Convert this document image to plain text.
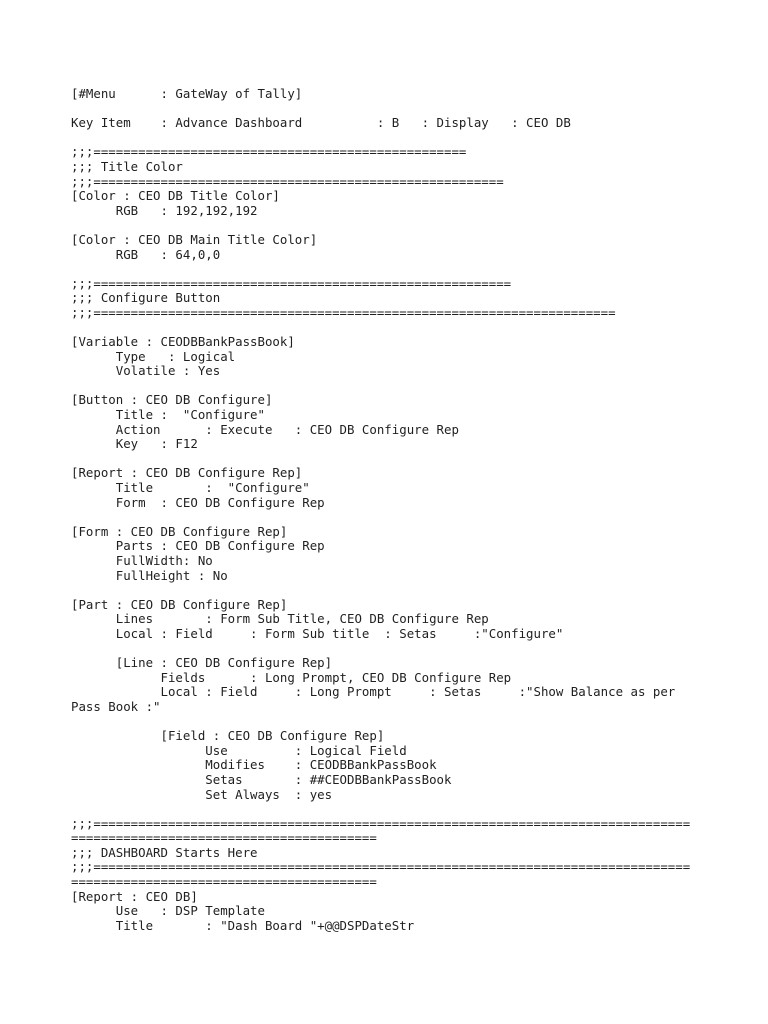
[#Menu      : GateWay of Tally]
Key Item    : Advance Dashboard          : B   : Display   : CEO DB
;;;==================================================
;;; Title Color
;;;=======================================================
[Color : CEO DB Title Color]
RGB   : 192,192,192
[Color : CEO DB Main Title Color]
RGB   : 64,0,0
;;;========================================================
;;; Configure Button
;;;======================================================================
[Variable : CEODBBankPassBook]
Type   : Logical
Volatile : Yes
[Button : CEO DB Configure]
Title :  "Configure"
Action      : Execute   : CEO DB Configure Rep
Key   : F12
[Report : CEO DB Configure Rep]
Title       :  "Configure"
Form  : CEO DB Configure Rep
[Form : CEO DB Configure Rep]
Parts : CEO DB Configure Rep
FullWidth: No
FullHeight : No
[Part : CEO DB Configure Rep]
Lines       : Form Sub Title, CEO DB Configure Rep
Local : Field     : Form Sub title  : Setas     :"Configure"
[Line : CEO DB Configure Rep]
Fields      : Long Prompt, CEO DB Configure Rep
Local : Field     : Long Prompt     : Setas     :"Show Balance as per
Pass Book :"
[Field : CEO DB Configure Rep]
Use         : Logical Field
Modifies    : CEODBBankPassBook
Setas       : ##CEODBBankPassBook
Set Always  : yes
;;;================================================================================
=========================================
;;; DASHBOARD Starts Here
;;;================================================================================
=========================================
[Report : CEO DB]
Use   : DSP Template
Title       : "Dash Board "+@@DSPDateStr
